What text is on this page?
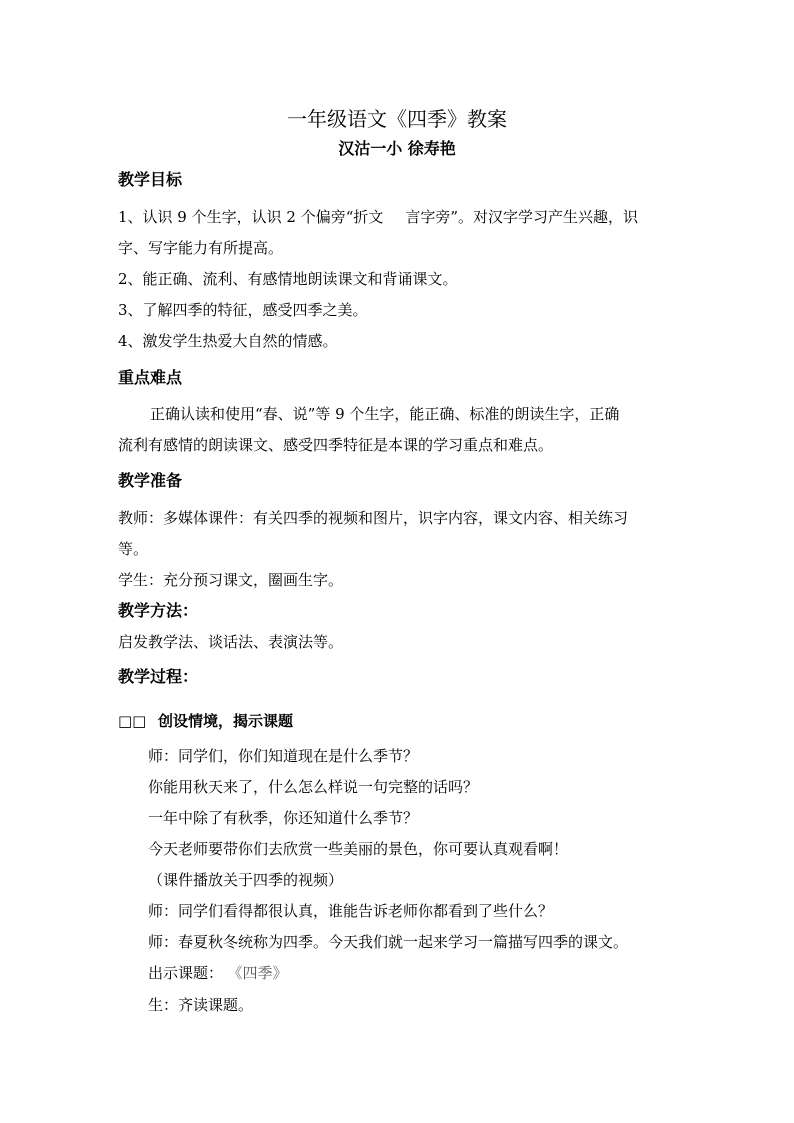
一年级语文《四季》教案
汉沽一小 徐寿艳
教学目标
1、认识 9 个生字，认识 2 个偏旁“折文 言字旁”。对汉字学习产生兴趣，识
字、写字能力有所提高。
2、能正确、流利、有感情地朗读课文和背诵课文。
3、了解四季的特征，感受四季之美。
4、激发学生热爱大自然的情感。
重点难点
正确认读和使用“春、说”等 9 个生字，能正确、标准的朗读生字，正确
流利有感情的朗读课文、感受四季特征是本课的学习重点和难点。
教学准备
教师：多媒体课件：有关四季的视频和图片，识字内容，课文内容、相关练习
等。
学生：充分预习课文，圈画生字。
教学方法：
启发教学法、谈话法、表演法等。
教学过程：
□□ 创设情境，揭示课题
师：同学们，你们知道现在是什么季节？
你能用秋天来了，什么怎么样说一句完整的话吗？
一年中除了有秋季，你还知道什么季节？
今天老师要带你们去欣赏一些美丽的景色，你可要认真观看啊！
（课件播放关于四季的视频）
师：同学们看得都很认真，谁能告诉老师你都看到了些什么？
师：春夏秋冬统称为四季。今天我们就一起来学习一篇描写四季的课文。
出示课题： 《四季》
生：齐读课题。
